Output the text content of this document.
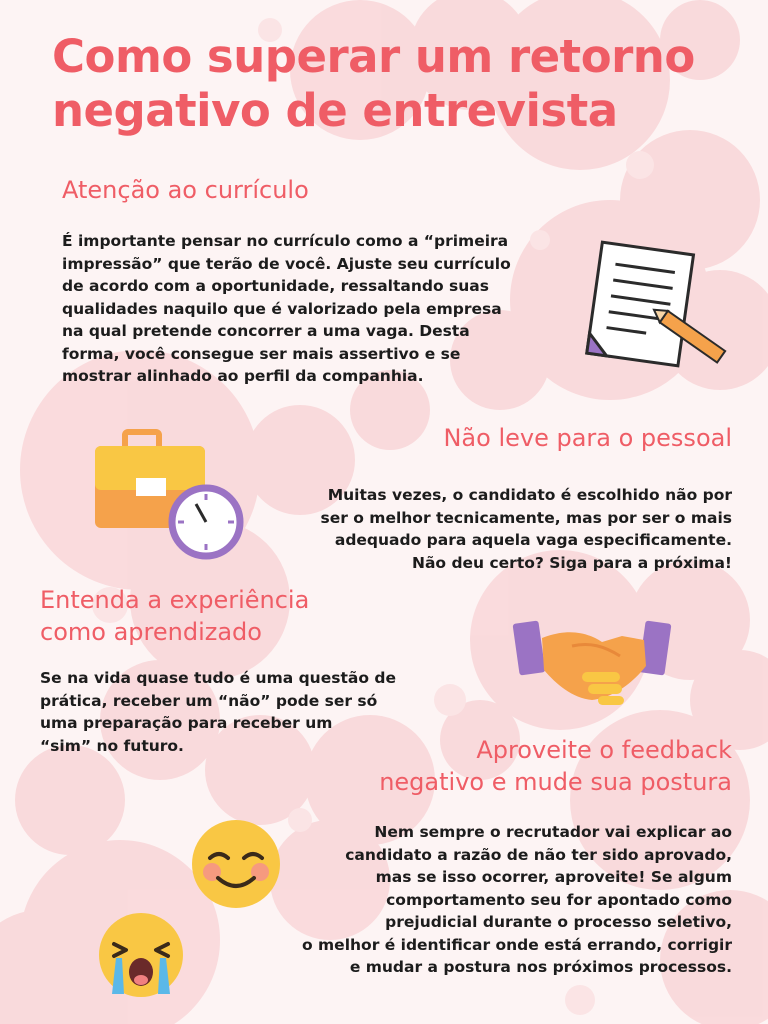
Como superar um retorno
negativo de entrevista
Atenção ao currículo
É importante pensar no currículo como a “primeira
impressão” que terão de você. Ajuste seu currículo
de acordo com a oportunidade, ressaltando suas
qualidades naquilo que é valorizado pela empresa
na qual pretende concorrer a uma vaga. Desta
forma, você consegue ser mais assertivo e se
mostrar alinhado ao perfil da companhia.
Não leve para o pessoal
Muitas vezes, o candidato é escolhido não por
ser o melhor tecnicamente, mas por ser o mais
adequado para aquela vaga especificamente.
Não deu certo? Siga para a próxima!
Entenda a experiência
como aprendizado
Se na vida quase tudo é uma questão de
prática, receber um “não” pode ser só
uma preparação para receber um
“sim” no futuro.	Aproveite o feedback
negativo e mude sua postura
Nem sempre o recrutador vai explicar ao
candidato a razão de não ter sido aprovado,
mas se isso ocorrer, aproveite! Se algum
comportamento seu for apontado como
prejudicial durante o processo seletivo,
o melhor é identificar onde está errando, corrigir
e mudar a postura nos próximos processos.
